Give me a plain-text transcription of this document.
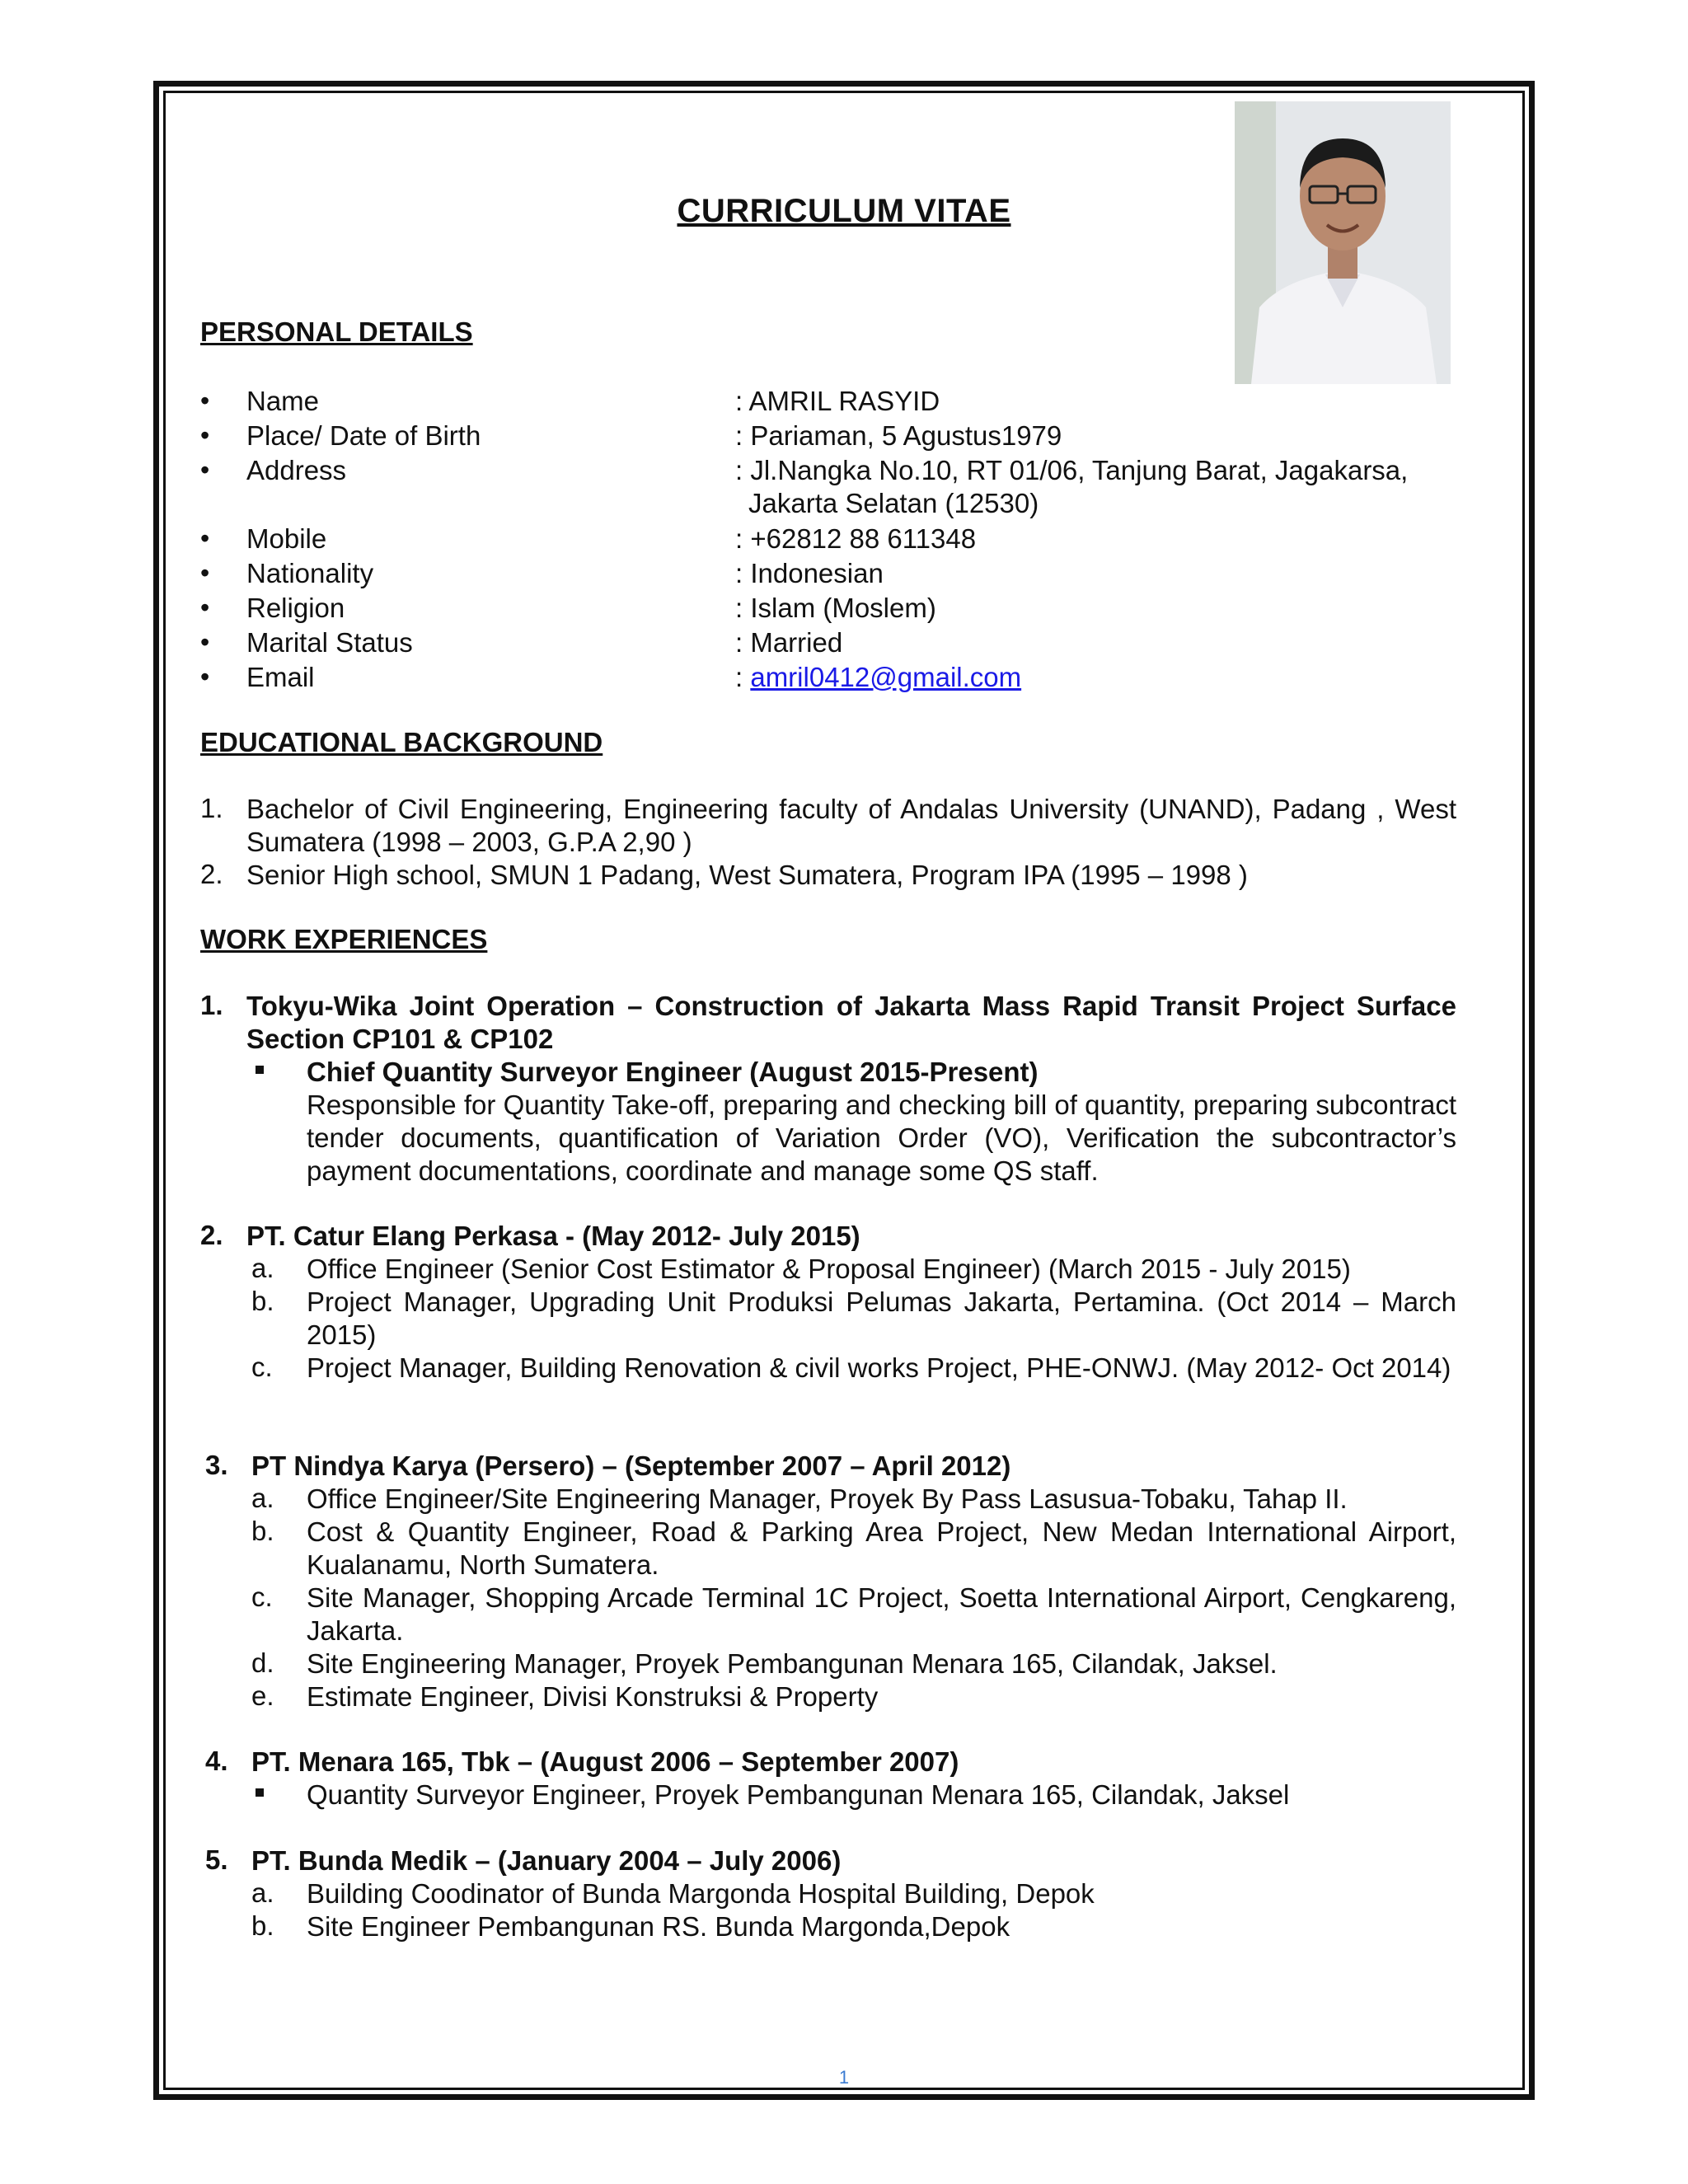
CURRICULUM VITAE
PERSONAL DETAILS
• Name	: AMRIL RASYID
• Place/ Date of Birth	: Pariaman, 5 Agustus1979
• Address	: Jl.Nangka No.10, RT 01/06, Tanjung Barat, Jagakarsa,
Jakarta Selatan (12530)
• Mobile	: +62812 88 611348
• Nationality	: Indonesian
• Religion	: Islam (Moslem)
• Marital Status	: Married
• Email	: amril0412@gmail.com
EDUCATIONAL BACKGROUND
1. Bachelor of Civil Engineering, Engineering faculty of Andalas University (UNAND), Padang , West Sumatera (1998 – 2003, G.P.A 2,90 )
2. Senior High school, SMUN 1 Padang, West Sumatera, Program IPA (1995 – 1998 )
WORK EXPERIENCES
1. Tokyu-Wika Joint Operation – Construction of Jakarta Mass Rapid Transit Project Surface Section CP101 & CP102
Chief Quantity Surveyor Engineer (August 2015-Present)
Responsible for Quantity Take-off, preparing and checking bill of quantity, preparing subcontract tender documents, quantification of Variation Order (VO), Verification the subcontractor’s payment documentations, coordinate and manage some QS staff.
2. PT. Catur Elang Perkasa - (May 2012- July 2015)
a. Office Engineer (Senior Cost Estimator & Proposal Engineer) (March 2015 - July 2015)
b. Project Manager, Upgrading Unit Produksi Pelumas Jakarta, Pertamina. (Oct 2014 – March 2015)
c. Project Manager, Building Renovation & civil works Project, PHE-ONWJ. (May 2012- Oct 2014)
3. PT Nindya Karya (Persero) – (September 2007 – April 2012)
a. Office Engineer/Site Engineering Manager, Proyek By Pass Lasusua-Tobaku, Tahap II.
b. Cost & Quantity Engineer, Road & Parking Area Project, New Medan International Airport, Kualanamu, North Sumatera.
c. Site Manager, Shopping Arcade Terminal 1C Project, Soetta International Airport, Cengkareng, Jakarta.
d. Site Engineering Manager, Proyek Pembangunan Menara 165, Cilandak, Jaksel.
e. Estimate Engineer, Divisi Konstruksi & Property
4. PT. Menara 165, Tbk – (August 2006 – September 2007)
Quantity Surveyor Engineer, Proyek Pembangunan Menara 165, Cilandak, Jaksel
5. PT. Bunda Medik – (January 2004 – July 2006)
a. Building Coodinator of Bunda Margonda Hospital Building, Depok
b. Site Engineer Pembangunan RS. Bunda Margonda,Depok
1
